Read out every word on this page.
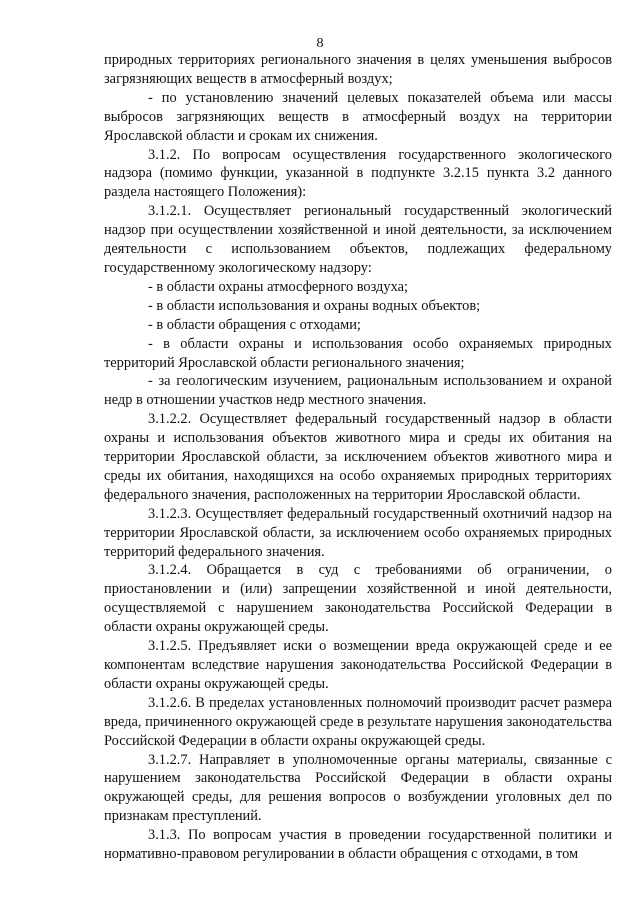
8

природных территориях регионального значения в целях уменьшения выбросов загрязняющих веществ в атмосферный воздух;

- по установлению значений целевых показателей объема или массы выбросов загрязняющих веществ в атмосферный воздух на территории Ярославской области и срокам их снижения.

3.1.2. По вопросам осуществления государственного экологического надзора (помимо функции, указанной в подпункте 3.2.15 пункта 3.2 данного раздела настоящего Положения):

3.1.2.1. Осуществляет региональный государственный экологический надзор при осуществлении хозяйственной и иной деятельности, за исключением деятельности с использованием объектов, подлежащих федеральному государственному экологическому надзору:

- в области охраны атмосферного воздуха;

- в области использования и охраны водных объектов;

- в области обращения с отходами;

- в области охраны и использования особо охраняемых природных территорий Ярославской области регионального значения;

- за геологическим изучением, рациональным использованием и охраной недр в отношении участков недр местного значения.

3.1.2.2. Осуществляет федеральный государственный надзор в области охраны и использования объектов животного мира и среды их обитания на территории Ярославской области, за исключением объектов животного мира и среды их обитания, находящихся на особо охраняемых природных территориях федерального значения, расположенных на территории Ярославской области.

3.1.2.3. Осуществляет федеральный государственный охотничий надзор на территории Ярославской области, за исключением особо охраняемых природных территорий федерального значения.

3.1.2.4. Обращается в суд с требованиями об ограничении, о приостановлении и (или) запрещении хозяйственной и иной деятельности, осуществляемой с нарушением законодательства Российской Федерации в области охраны окружающей среды.

3.1.2.5. Предъявляет иски о возмещении вреда окружающей среде и ее компонентам вследствие нарушения законодательства Российской Федерации в области охраны окружающей среды.

3.1.2.6. В пределах установленных полномочий производит расчет размера вреда, причиненного окружающей среде в результате нарушения законодательства Российской Федерации в области охраны окружающей среды.

3.1.2.7. Направляет в уполномоченные органы материалы, связанные с нарушением законодательства Российской Федерации в области охраны окружающей среды, для решения вопросов о возбуждении уголовных дел по признакам преступлений.

3.1.3. По вопросам участия в проведении государственной политики и нормативно-правовом регулировании в области обращения с отходами, в том
